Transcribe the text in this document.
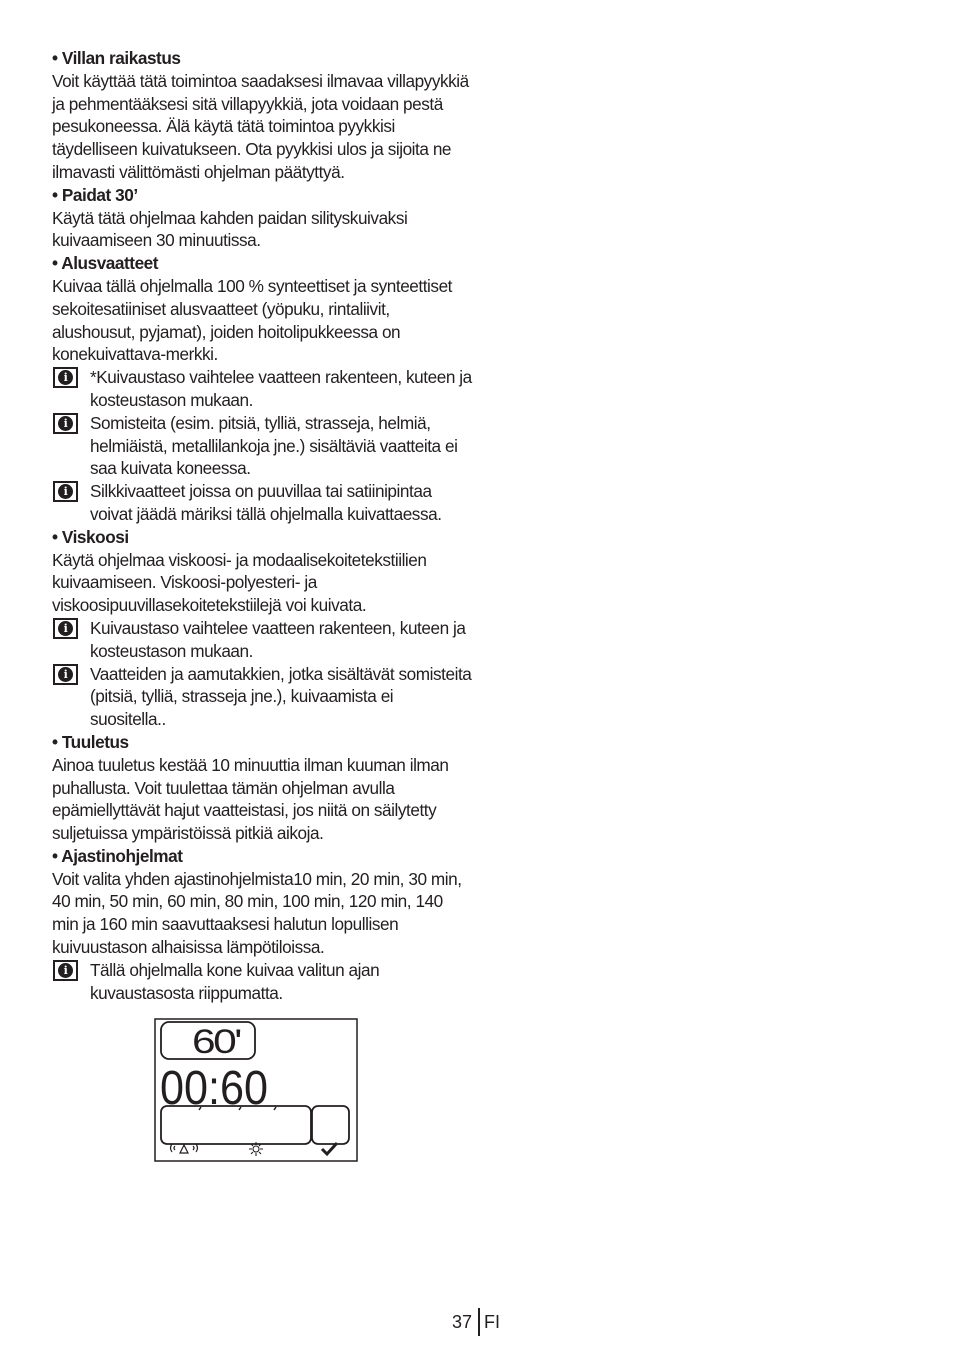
• Villan raikastus

Voit käyttää tätä toimintoa saadaksesi ilmavaa villapyykkiä ja pehmentääksesi sitä villapyykkiä, jota voidaan pestä pesukoneessa. Älä käytä tätä toimintoa pyykkisi täydelliseen kuivatukseen. Ota pyykkisi ulos ja sijoita ne ilmavasti välittömästi ohjelman päätyttyä.

• Paidat 30’

Käytä tätä ohjelmaa kahden paidan silityskuivaksi kuivaamiseen 30 minuutissa.

• Alusvaatteet

Kuivaa tällä ohjelmalla 100 % synteettiset ja synteettiset sekoitesatiiniset alusvaatteet (yöpuku, rintaliivit, alushousut, pyjamat), joiden hoitolipukkeessa on konekuivattava-merkki.

i	*Kuivaustaso vaihtelee vaatteen rakenteen, kuteen ja kosteustason mukaan.

i	Somisteita (esim. pitsiä, tylliä, strasseja, helmiä, helmiäistä, metallilankoja jne.) sisältäviä vaatteita ei saa kuivata koneessa.

i	Silkkivaatteet joissa on puuvillaa tai satiinipintaa voivat jäädä märiksi tällä ohjelmalla kuivattaessa.

• Viskoosi

Käytä ohjelmaa viskoosi- ja modaalisekoitetekstiilien kuivaamiseen. Viskoosi-polyesteri- ja viskoosipuuvillasekoitetekstiilejä voi kuivata.

i	Kuivaustaso vaihtelee vaatteen rakenteen, kuteen ja kosteustason mukaan.

i	Vaatteiden ja aamutakkien, jotka sisältävät somisteita (pitsiä, tylliä, strasseja jne.), kuivaamista ei suositella..

• Tuuletus

Ainoa tuuletus kestää 10 minuuttia ilman kuuman ilman puhallusta. Voit tuulettaa tämän ohjelman avulla epämiellyttävät hajut vaatteistasi, jos niitä on säilytetty suljetuissa ympäristöissä pitkiä aikoja.

• Ajastinohjelmat

Voit valita yhden ajastinohjelmista10 min, 20 min, 30 min, 40 min, 50 min, 60 min, 80 min, 100 min, 120 min, 140 min ja 160 min saavuttaaksesi halutun lopullisen kuivuustason alhaisissa lämpötiloissa.

i	Tällä ohjelmalla kone kuivaa valitun ajan kuvaustasosta riippumatta.

60'
00:60
37 FI
